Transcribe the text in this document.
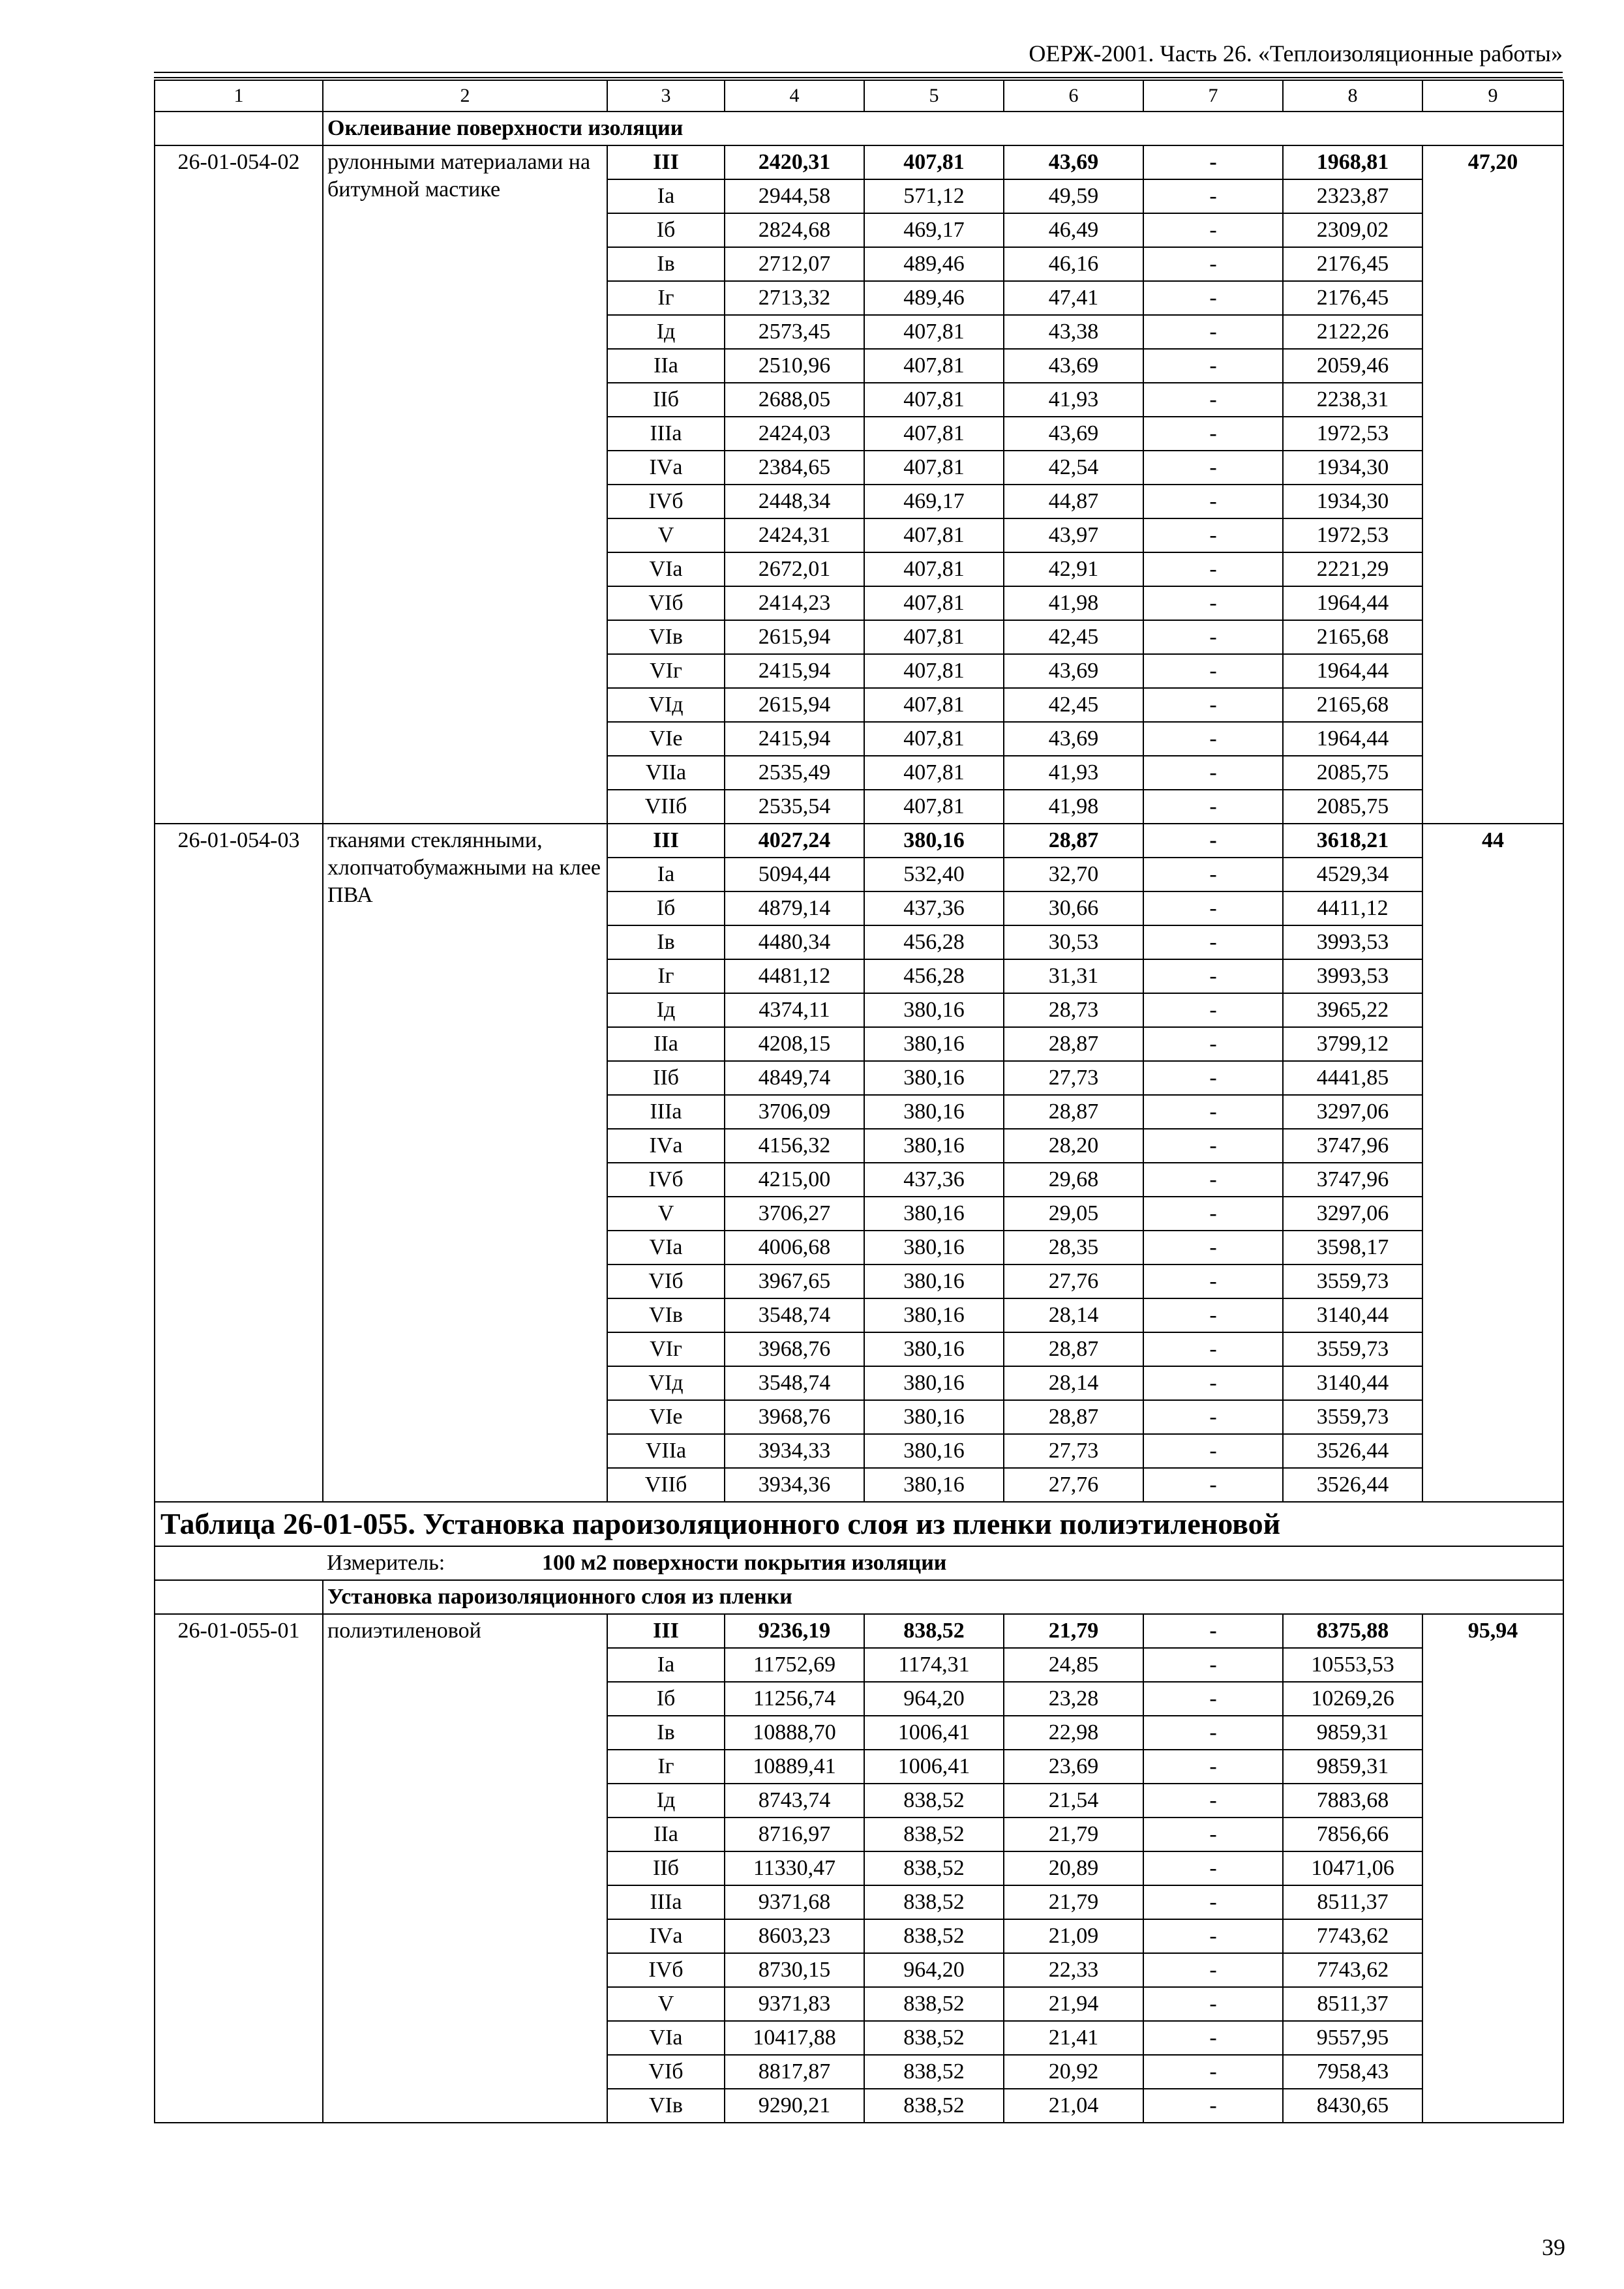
ОЕРЖ-2001. Часть 26. «Теплоизоляционные работы»
1	2	3	4	5	6	7	8	9
	Оклеивание поверхности изоляции							
26-01-054-02	рулонными материалами на битумной мастике	III	2420,31	407,81	43,69	-	1968,81	47,20
		Iа	2944,58	571,12	49,59	-	2323,87	
		Iб	2824,68	469,17	46,49	-	2309,02	
		Iв	2712,07	489,46	46,16	-	2176,45	
		Iг	2713,32	489,46	47,41	-	2176,45	
		Iд	2573,45	407,81	43,38	-	2122,26	
		IIа	2510,96	407,81	43,69	-	2059,46	
		IIб	2688,05	407,81	41,93	-	2238,31	
		IIIа	2424,03	407,81	43,69	-	1972,53	
		IVа	2384,65	407,81	42,54	-	1934,30	
		IVб	2448,34	469,17	44,87	-	1934,30	
		V	2424,31	407,81	43,97	-	1972,53	
		VIа	2672,01	407,81	42,91	-	2221,29	
		VIб	2414,23	407,81	41,98	-	1964,44	
		VIв	2615,94	407,81	42,45	-	2165,68	
		VIг	2415,94	407,81	43,69	-	1964,44	
		VIд	2615,94	407,81	42,45	-	2165,68	
		VIе	2415,94	407,81	43,69	-	1964,44	
		VIIа	2535,49	407,81	41,93	-	2085,75	
		VIIб	2535,54	407,81	41,98	-	2085,75	
26-01-054-03	тканями стеклянными, хлопчатобумажными на клее ПВА	III	4027,24	380,16	28,87	-	3618,21	44
		Iа	5094,44	532,40	32,70	-	4529,34	
		Iб	4879,14	437,36	30,66	-	4411,12	
		Iв	4480,34	456,28	30,53	-	3993,53	
		Iг	4481,12	456,28	31,31	-	3993,53	
		Iд	4374,11	380,16	28,73	-	3965,22	
		IIа	4208,15	380,16	28,87	-	3799,12	
		IIб	4849,74	380,16	27,73	-	4441,85	
		IIIа	3706,09	380,16	28,87	-	3297,06	
		IVа	4156,32	380,16	28,20	-	3747,96	
		IVб	4215,00	437,36	29,68	-	3747,96	
		V	3706,27	380,16	29,05	-	3297,06	
		VIа	4006,68	380,16	28,35	-	3598,17	
		VIб	3967,65	380,16	27,76	-	3559,73	
		VIв	3548,74	380,16	28,14	-	3140,44	
		VIг	3968,76	380,16	28,87	-	3559,73	
		VIд	3548,74	380,16	28,14	-	3140,44	
		VIе	3968,76	380,16	28,87	-	3559,73	
		VIIа	3934,33	380,16	27,73	-	3526,44	
		VIIб	3934,36	380,16	27,76	-	3526,44	
Таблица 26-01-055. Установка пароизоляционного слоя из пленки полиэтиленовой								
	Измеритель: 100 м2 поверхности покрытия изоляции							
	Установка пароизоляционного слоя из пленки							
26-01-055-01	полиэтиленовой	III	9236,19	838,52	21,79	-	8375,88	95,94
		Iа	11752,69	1174,31	24,85	-	10553,53	
		Iб	11256,74	964,20	23,28	-	10269,26	
		Iв	10888,70	1006,41	22,98	-	9859,31	
		Iг	10889,41	1006,41	23,69	-	9859,31	
		Iд	8743,74	838,52	21,54	-	7883,68	
		IIа	8716,97	838,52	21,79	-	7856,66	
		IIб	11330,47	838,52	20,89	-	10471,06	
		IIIа	9371,68	838,52	21,79	-	8511,37	
		IVа	8603,23	838,52	21,09	-	7743,62	
		IVб	8730,15	964,20	22,33	-	7743,62	
		V	9371,83	838,52	21,94	-	8511,37	
		VIа	10417,88	838,52	21,41	-	9557,95	
		VIб	8817,87	838,52	20,92	-	7958,43	
		VIв	9290,21	838,52	21,04	-	8430,65	
39
